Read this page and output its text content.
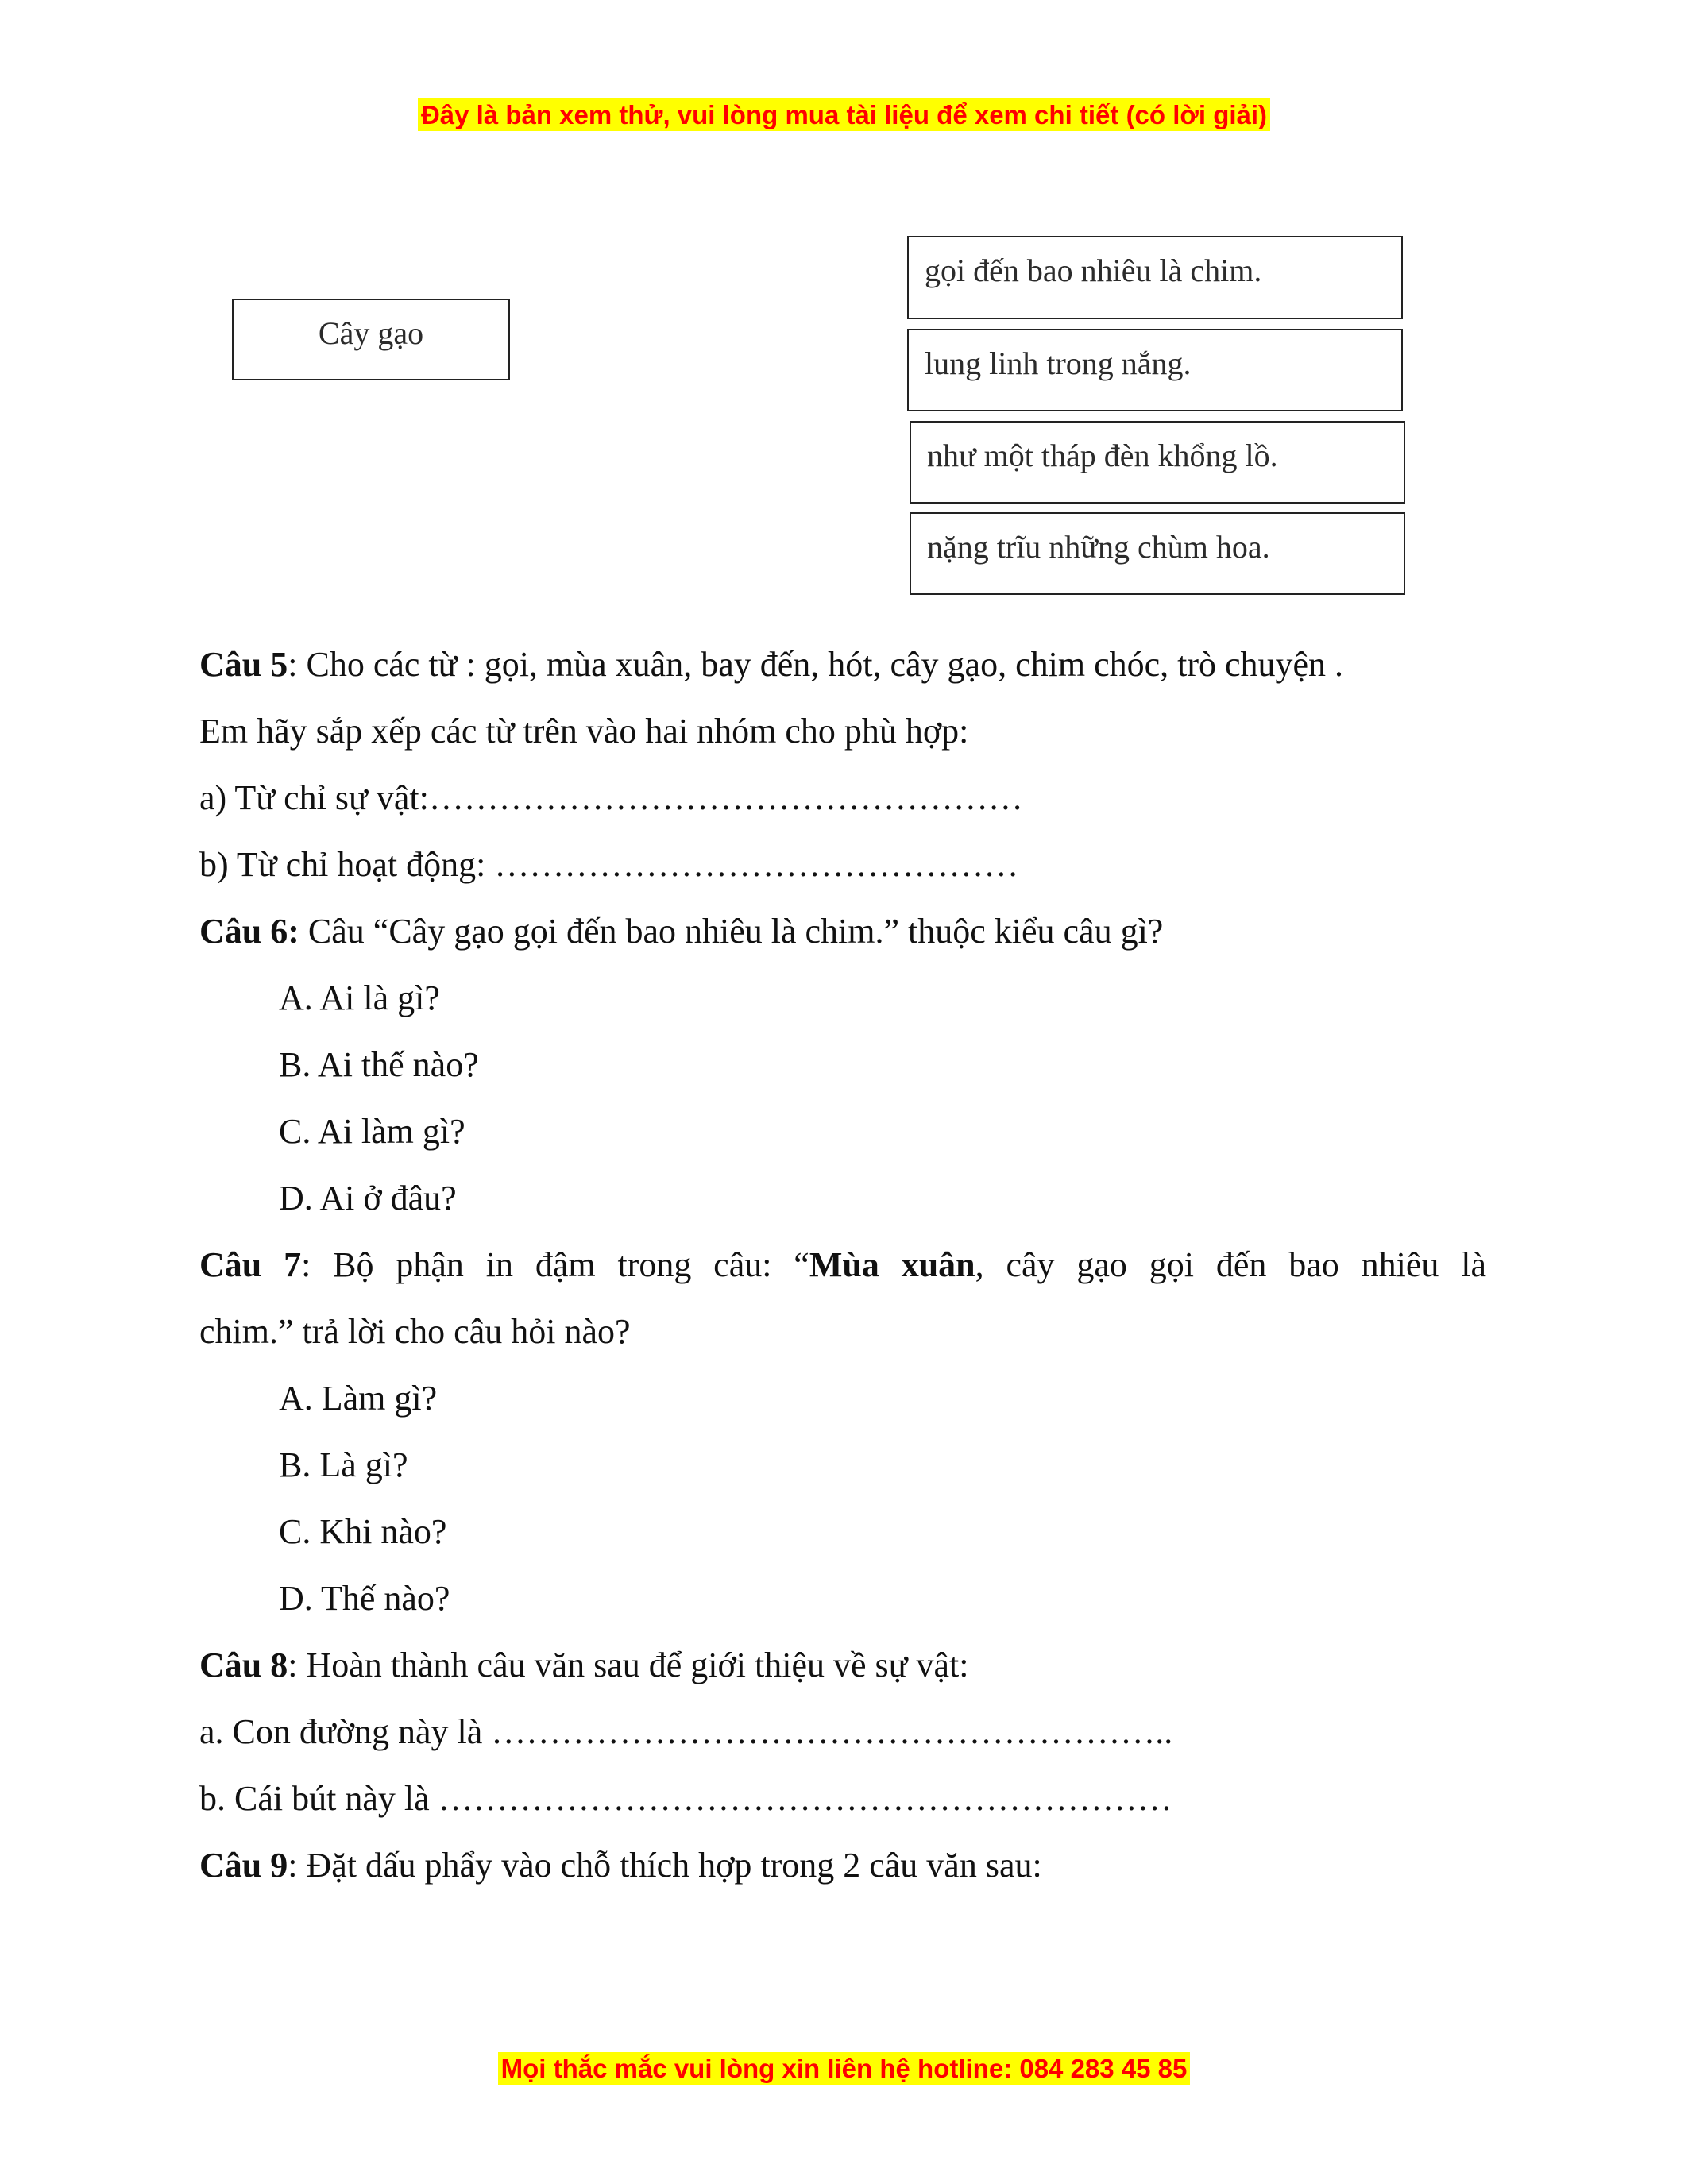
Đây là bản xem thử, vui lòng mua tài liệu để xem chi tiết (có lời giải)
Cây gạo
gọi đến bao nhiêu là chim.
lung linh trong nắng.
như một tháp đèn khổng lồ.
nặng trĩu những chùm hoa.
Câu 5: Cho các từ : gọi, mùa xuân, bay đến, hót, cây gạo, chim chóc, trò chuyện .
Em hãy sắp xếp các từ trên vào hai nhóm cho phù hợp:
a) Từ chỉ sự vật:……………………………………………
b) Từ chỉ hoạt động: ………………………………………
Câu 6: Câu “Cây gạo gọi đến bao nhiêu là chim.” thuộc kiểu câu gì?
A. Ai là gì?
B. Ai thế nào?
C. Ai làm gì?
D. Ai ở đâu?
Câu 7: Bộ phận in đậm trong câu: “Mùa xuân, cây gạo gọi đến bao nhiêu là
chim.” trả lời cho câu hỏi nào?
A. Làm gì?
B. Là gì?
C. Khi nào?
D. Thế nào?
Câu 8: Hoàn thành câu văn sau để giới thiệu về sự vật:
a. Con đường này là …………………………………………………..
b. Cái bút này là ………………………………………………………
Câu 9: Đặt dấu phẩy vào chỗ thích hợp trong 2 câu văn sau:
Mọi thắc mắc vui lòng xin liên hệ hotline: 084 283 45 85
